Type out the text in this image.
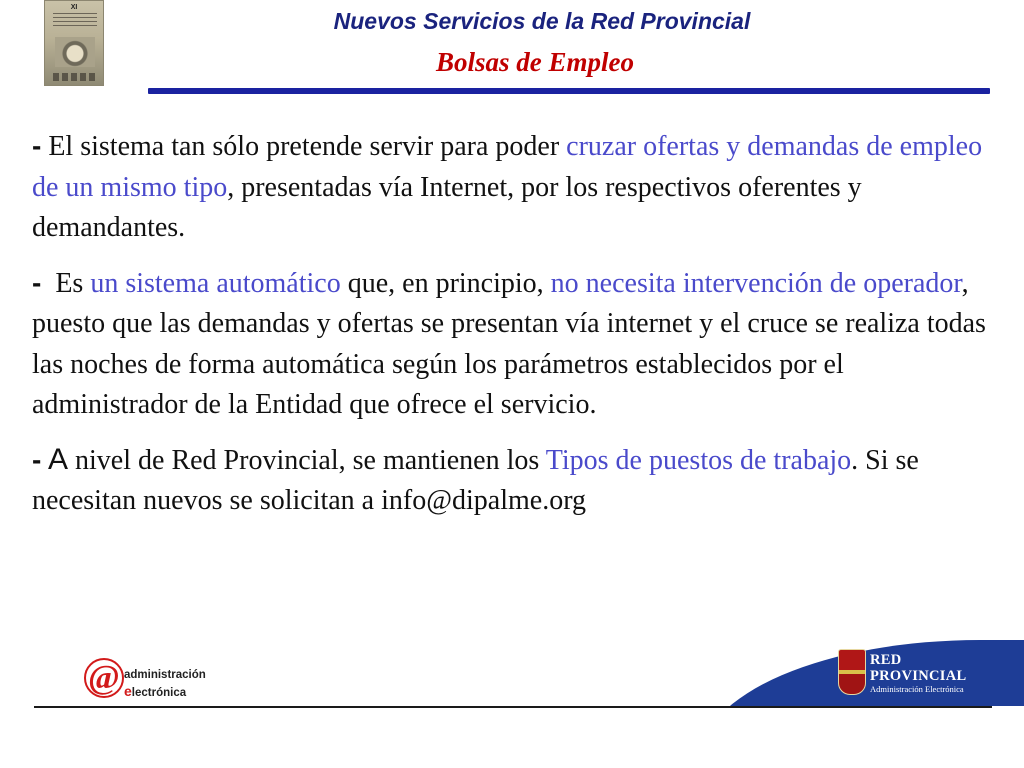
XI
Nuevos Servicios de la Red Provincial
Bolsas de Empleo

- El sistema tan sólo pretende servir para poder cruzar ofertas y demandas de empleo de un mismo tipo, presentadas vía Internet, por los respectivos oferentes y demandantes.

-  Es un sistema automático que, en principio, no necesita intervención de operador, puesto que las demandas y ofertas se presentan vía internet y el cruce se realiza todas las noches de forma automática según los parámetros establecidos por el administrador de la Entidad que ofrece el servicio.

- A nivel de Red Provincial, se mantienen los Tipos de puestos de trabajo. Si se necesitan nuevos se solicitan a info@dipalme.org

@ administración
electrónica
RED
PROVINCIAL
Administración Electrónica
